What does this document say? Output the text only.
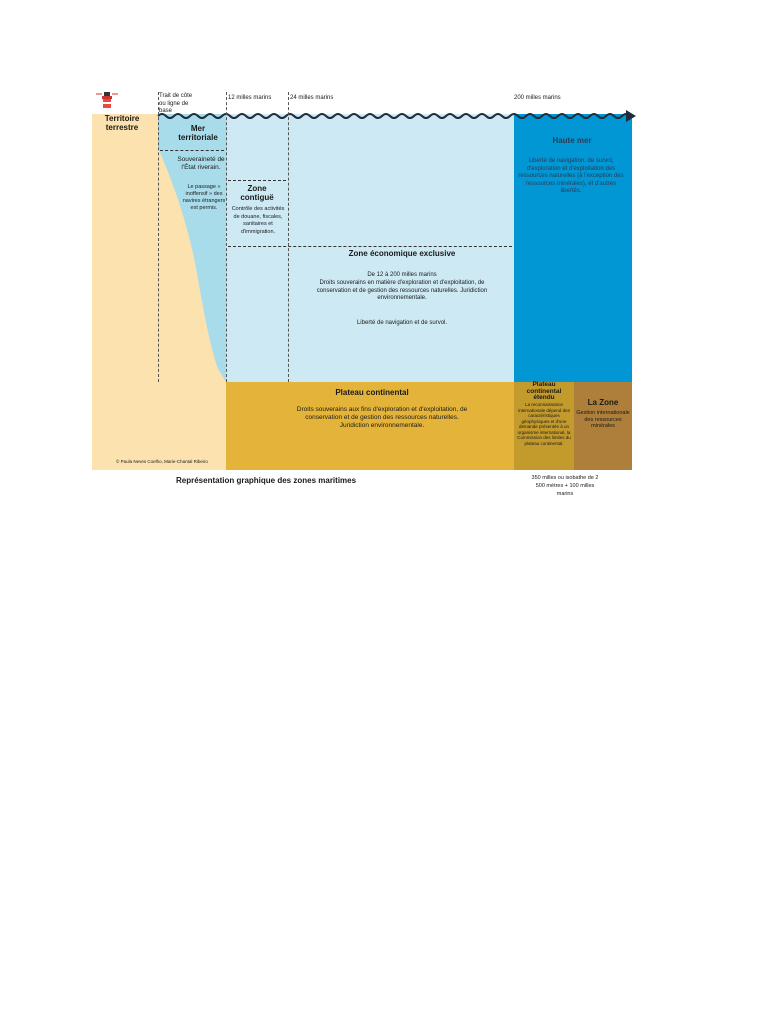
Trait de côte ou ligne de base
12 milles marins	24 milles marins	200 milles marins
Territoire terrestre	Mer territoriale
Souveraineté de l'État riverain.
Le passage « inoffensif » des navires étrangers est permis.
Zone contiguë
Contrôle des activités de douane, fiscales, sanitaires et d'immigration.
Zone économique exclusive
De 12 à 200 milles marins
Droits souverains en matière d'exploration et d'exploitation, de conservation et de gestion des ressources naturelles. Juridiction environnementale.
Liberté de navigation et de survol.
Haute mer
Liberté de navigation, de survol, d'exploration et d'exploitation des ressources naturelles (à l'exception des ressources minérales), et d'autres libertés.
Plateau continental
Droits souverains aux fins d'exploration et d'exploitation, de conservation et de gestion des ressources naturelles. Juridiction environnementale.
Plateau continental étendu
La reconnaissance internationale dépend des caractéristiques géophysiques et d'une demande présentée à un organisme international, la Commission des limites du plateau continental.
La Zone
Gestion internationale des ressources minérales
© Paula Neves Coelho, Marie-Chantal Ribeiro
Représentation graphique des zones maritimes	350 milles ou isobathe de 2 500 mètres + 100 milles marins
